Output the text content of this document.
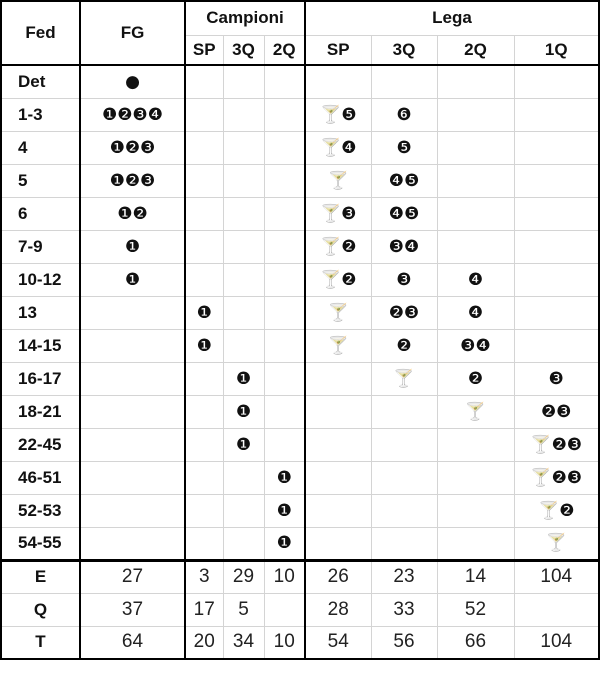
Fed	FG	Campioni			Lega			
		SP	3Q	2Q	SP	3Q	2Q	1Q
Det	●							
1-3	❶❷❸❹				🍸❺	❻		
4	❶❷❸				🍸❹	❺		
5	❶❷❸				🍸	❹❺		
6	❶❷				🍸❸	❹❺		
7-9	❶				🍸❷	❸❹		
10-12	❶				🍸❷	❸	❹	
13		❶			🍸	❷❸	❹	
14-15		❶			🍸	❷	❸❹	
16-17			❶			🍸	❷	❸
18-21			❶				🍸	❷❸
22-45			❶					🍸❷❸
46-51				❶				🍸❷❸
52-53				❶				🍸❷
54-55				❶				🍸
E	27	3	29	10	26	23	14	104
Q	37	17	5		28	33	52	
T	64	20	34	10	54	56	66	104
